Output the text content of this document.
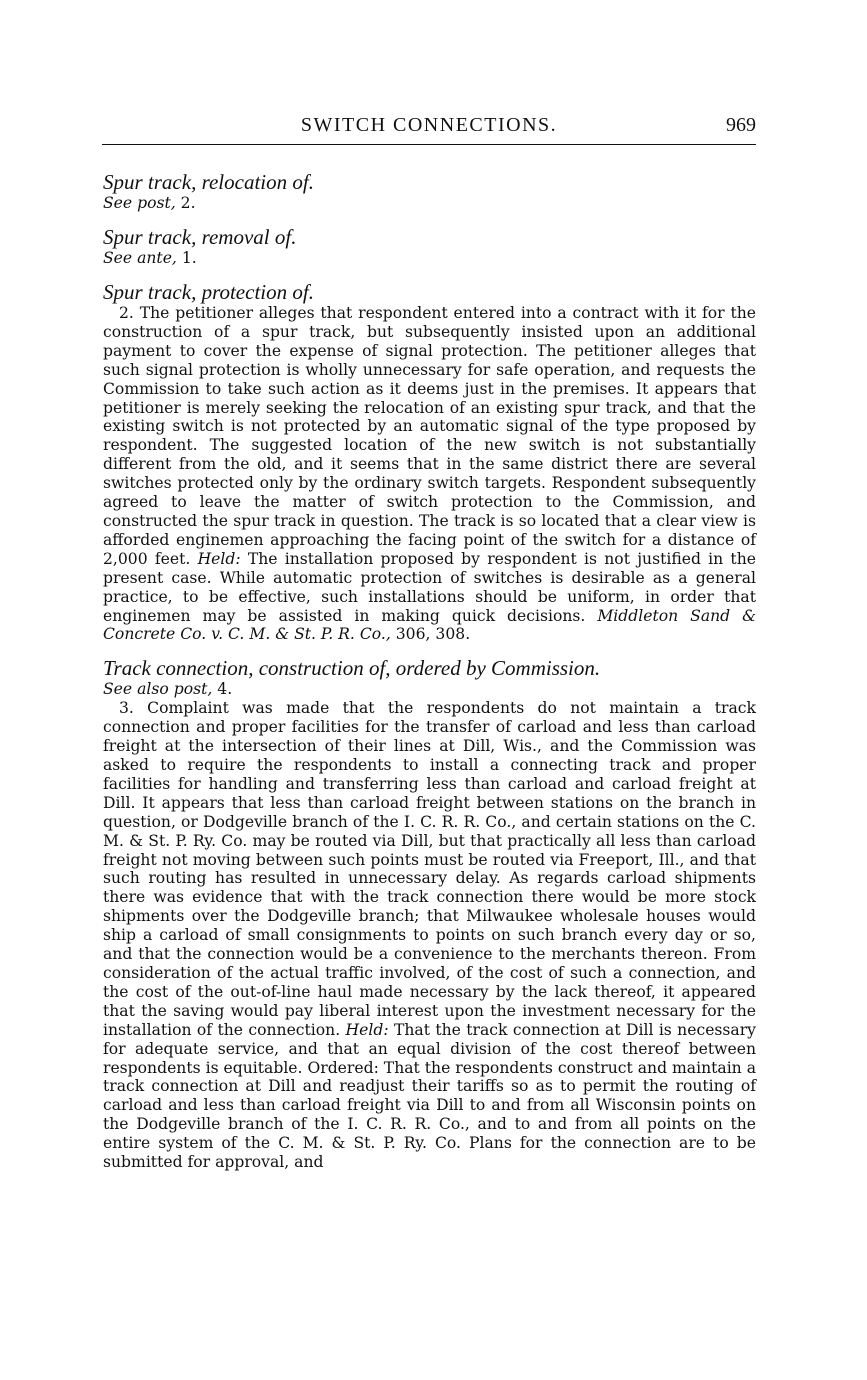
SWITCH CONNECTIONS.	969

Spur track, relocation of.

See post, 2.

Spur track, removal of.

See ante, 1.

Spur track, protection of.

2. The petitioner alleges that respondent entered into a contract with it for the construction of a spur track, but subsequently insisted upon an additional payment to cover the expense of signal protection. The petitioner alleges that such signal protection is wholly unnecessary for safe operation, and requests the Commission to take such action as it deems just in the premises. It appears that petitioner is merely seeking the relocation of an existing spur track, and that the existing switch is not protected by an automatic signal of the type proposed by respondent. The suggested location of the new switch is not substantially different from the old, and it seems that in the same district there are several switches protected only by the ordinary switch targets. Respondent subsequently agreed to leave the matter of switch protection to the Commission, and constructed the spur track in question. The track is so located that a clear view is afforded enginemen approaching the facing point of the switch for a distance of 2,000 feet. Held: The installation proposed by respondent is not justified in the present case. While automatic protection of switches is desirable as a general practice, to be effective, such installations should be uniform, in order that enginemen may be assisted in making quick decisions. Middleton Sand & Concrete Co. v. C. M. & St. P. R. Co., 306, 308.

Track connection, construction of, ordered by Commission.

See also post, 4.

3. Complaint was made that the respondents do not maintain a track connection and proper facilities for the transfer of carload and less than carload freight at the intersection of their lines at Dill, Wis., and the Commission was asked to require the respondents to install a connecting track and proper facilities for handling and transferring less than carload and carload freight at Dill. It appears that less than carload freight between stations on the branch in question, or Dodgeville branch of the I. C. R. R. Co., and certain stations on the C. M. & St. P. Ry. Co. may be routed via Dill, but that practically all less than carload freight not moving between such points must be routed via Freeport, Ill., and that such routing has resulted in unnecessary delay. As regards carload shipments there was evidence that with the track connection there would be more stock shipments over the Dodgeville branch; that Milwaukee wholesale houses would ship a carload of small consignments to points on such branch every day or so, and that the connection would be a convenience to the merchants thereon. From consideration of the actual traffic involved, of the cost of such a connection, and the cost of the out-of-line haul made necessary by the lack thereof, it appeared that the saving would pay liberal interest upon the investment necessary for the installation of the connection. Held: That the track connection at Dill is necessary for adequate service, and that an equal division of the cost thereof between respondents is equitable. Ordered: That the respondents construct and maintain a track connection at Dill and readjust their tariffs so as to permit the routing of carload and less than carload freight via Dill to and from all Wisconsin points on the Dodgeville branch of the I. C. R. R. Co., and to and from all points on the entire system of the C. M. & St. P. Ry. Co. Plans for the connection are to be submitted for approval, and
